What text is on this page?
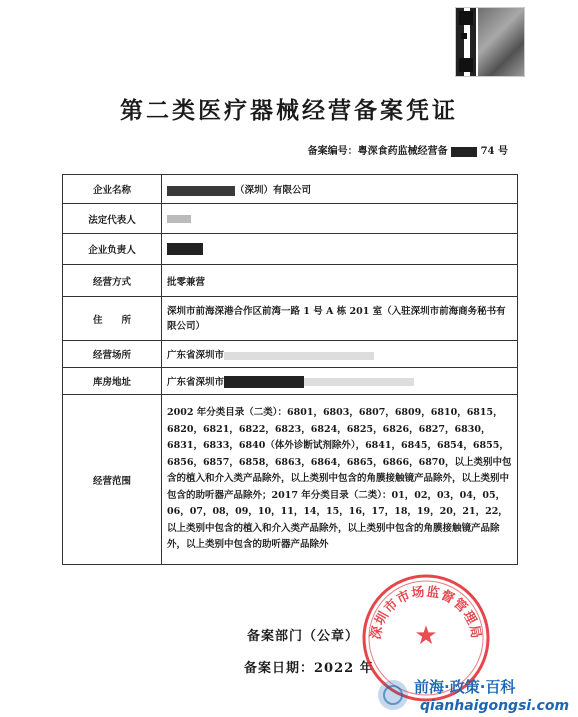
第二类医疗器械经营备案凭证
备案编号：粤深食药监械经营备	74 号
企业名称	（深圳）有限公司
法定代表人	
企业负责人	
经营方式	批零兼营
住　　所	深圳市前海深港合作区前湾一路 1 号 A 栋 201 室（入驻深圳市前海商务秘书有限公司）
经营场所	广东省深圳市
库房地址	广东省深圳市
经营范围	2002 年分类目录（二类）：6801，6803，6807，6809，6810，6815，6820，6821，6822，6823，6824，6825，6826，6827，6830，6831，6833，6840（体外诊断试剂除外），6841，6845，6854，6855，6856，6857，6858，6863，6864，6865，6866，6870，以上类别中包含的植入和介入类产品除外，以上类别中包含的角膜接触镜产品除外，以上类别中包含的助听器产品除外；2017 年分类目录（二类）：01，02，03，04，05，06，07，08，09，10，11，14，15，16，17，18，19，20，21，22，以上类别中包含的植入和介入类产品除外，以上类别中包含的角膜接触镜产品除外，以上类别中包含的助听器产品除外
备案部门（公章）
备案日期：2022 年
深圳市市场监督管理局
★
前海·政策·百科
qianhaigongsi.com
